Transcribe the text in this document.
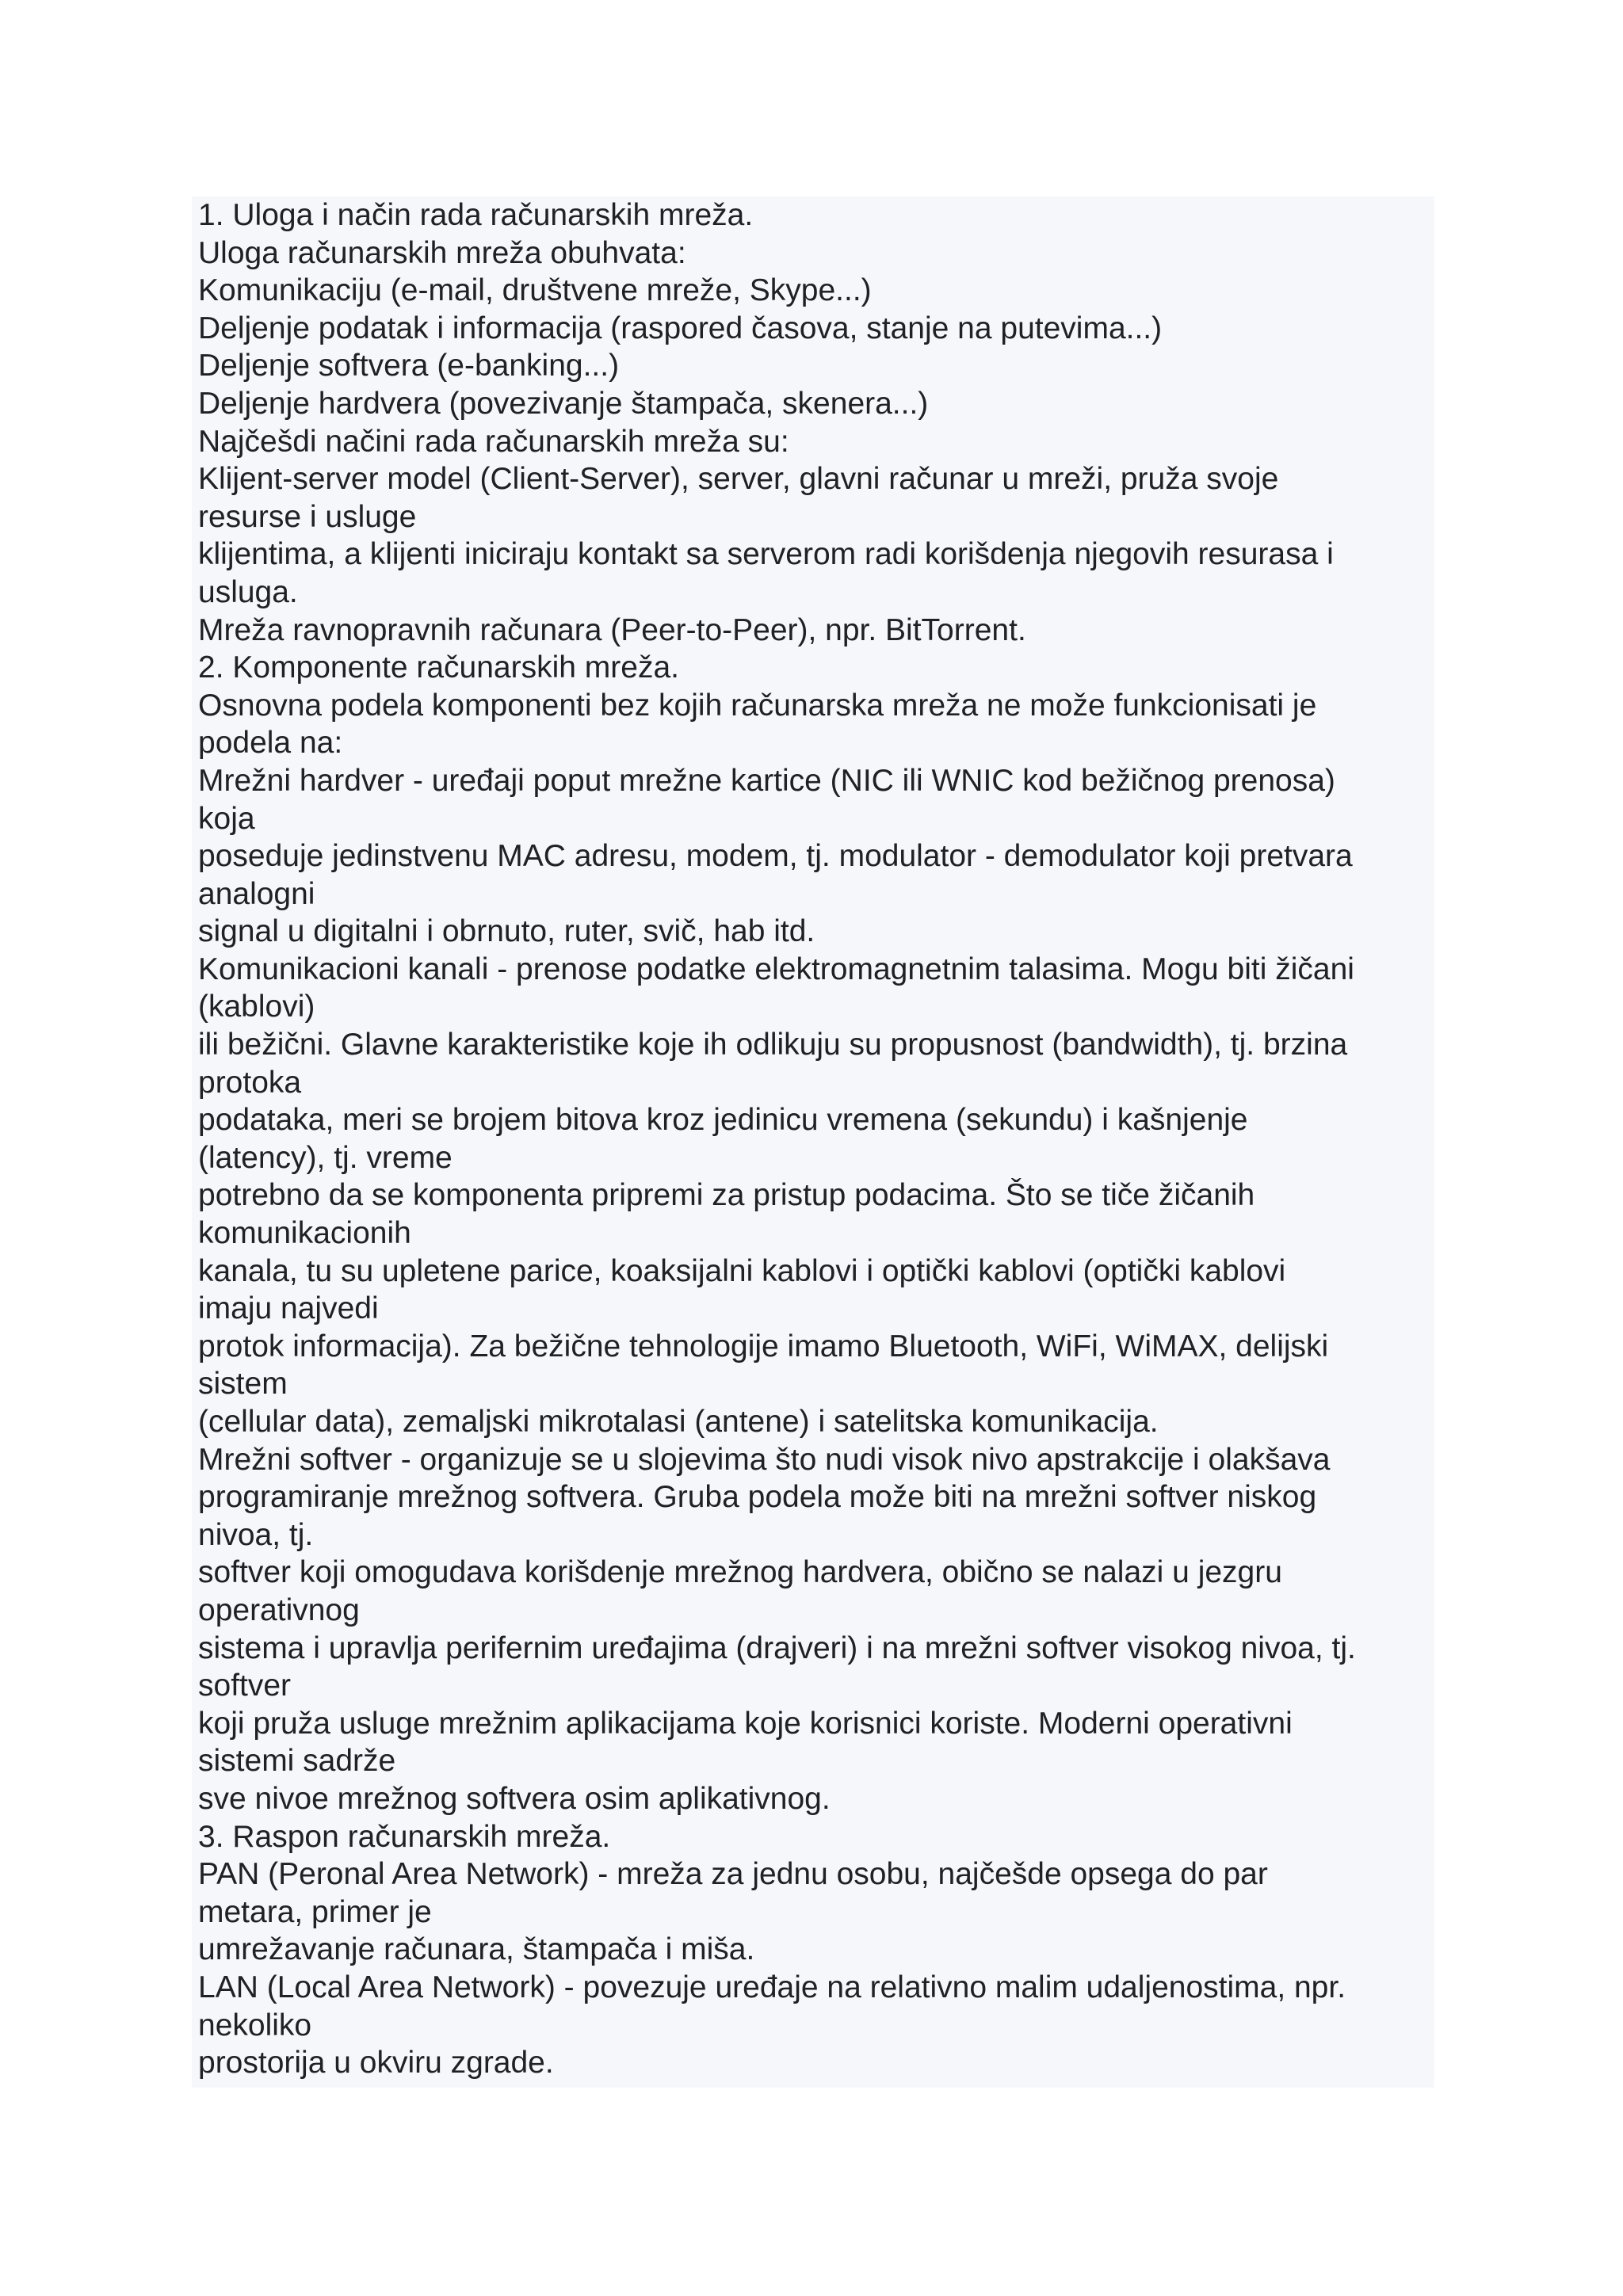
1. Uloga i način rada računarskih mreža.
Uloga računarskih mreža obuhvata:
Komunikaciju (e-mail, društvene mreže, Skype...)
Deljenje podatak i informacija (raspored časova, stanje na putevima...)
Deljenje softvera (e-banking...)
Deljenje hardvera (povezivanje štampača, skenera...)
Najčešdi načini rada računarskih mreža su:
Klijent-server model (Client-Server), server, glavni računar u mreži, pruža svoje
resurse i usluge
klijentima, a klijenti iniciraju kontakt sa serverom radi korišdenja njegovih resurasa i
usluga.
Mreža ravnopravnih računara (Peer-to-Peer), npr. BitTorrent.
2. Komponente računarskih mreža.
Osnovna podela komponenti bez kojih računarska mreža ne može funkcionisati je
podela na:
Mrežni hardver - uređaji poput mrežne kartice (NIC ili WNIC kod bežičnog prenosa)
koja
poseduje jedinstvenu MAC adresu, modem, tj. modulator - demodulator koji pretvara
analogni
signal u digitalni i obrnuto, ruter, svič, hab itd.
Komunikacioni kanali - prenose podatke elektromagnetnim talasima. Mogu biti žičani
(kablovi)
ili bežični. Glavne karakteristike koje ih odlikuju su propusnost (bandwidth), tj. brzina
protoka
podataka, meri se brojem bitova kroz jedinicu vremena (sekundu) i kašnjenje
(latency), tj. vreme
potrebno da se komponenta pripremi za pristup podacima. Što se tiče žičanih
komunikacionih
kanala, tu su upletene parice, koaksijalni kablovi i optički kablovi (optički kablovi
imaju najvedi
protok informacija). Za bežične tehnologije imamo Bluetooth, WiFi, WiMAX, delijski
sistem
(cellular data), zemaljski mikrotalasi (antene) i satelitska komunikacija.
Mrežni softver - organizuje se u slojevima što nudi visok nivo apstrakcije i olakšava
programiranje mrežnog softvera. Gruba podela može biti na mrežni softver niskog
nivoa, tj.
softver koji omogudava korišdenje mrežnog hardvera, obično se nalazi u jezgru
operativnog
sistema i upravlja perifernim uređajima (drajveri) i na mrežni softver visokog nivoa, tj.
softver
koji pruža usluge mrežnim aplikacijama koje korisnici koriste. Moderni operativni
sistemi sadrže
sve nivoe mrežnog softvera osim aplikativnog.
3. Raspon računarskih mreža.
PAN (Peronal Area Network) - mreža za jednu osobu, najčešde opsega do par
metara, primer je
umrežavanje računara, štampača i miša.
LAN (Local Area Network) - povezuje uređaje na relativno malim udaljenostima, npr.
nekoliko
prostorija u okviru zgrade.
